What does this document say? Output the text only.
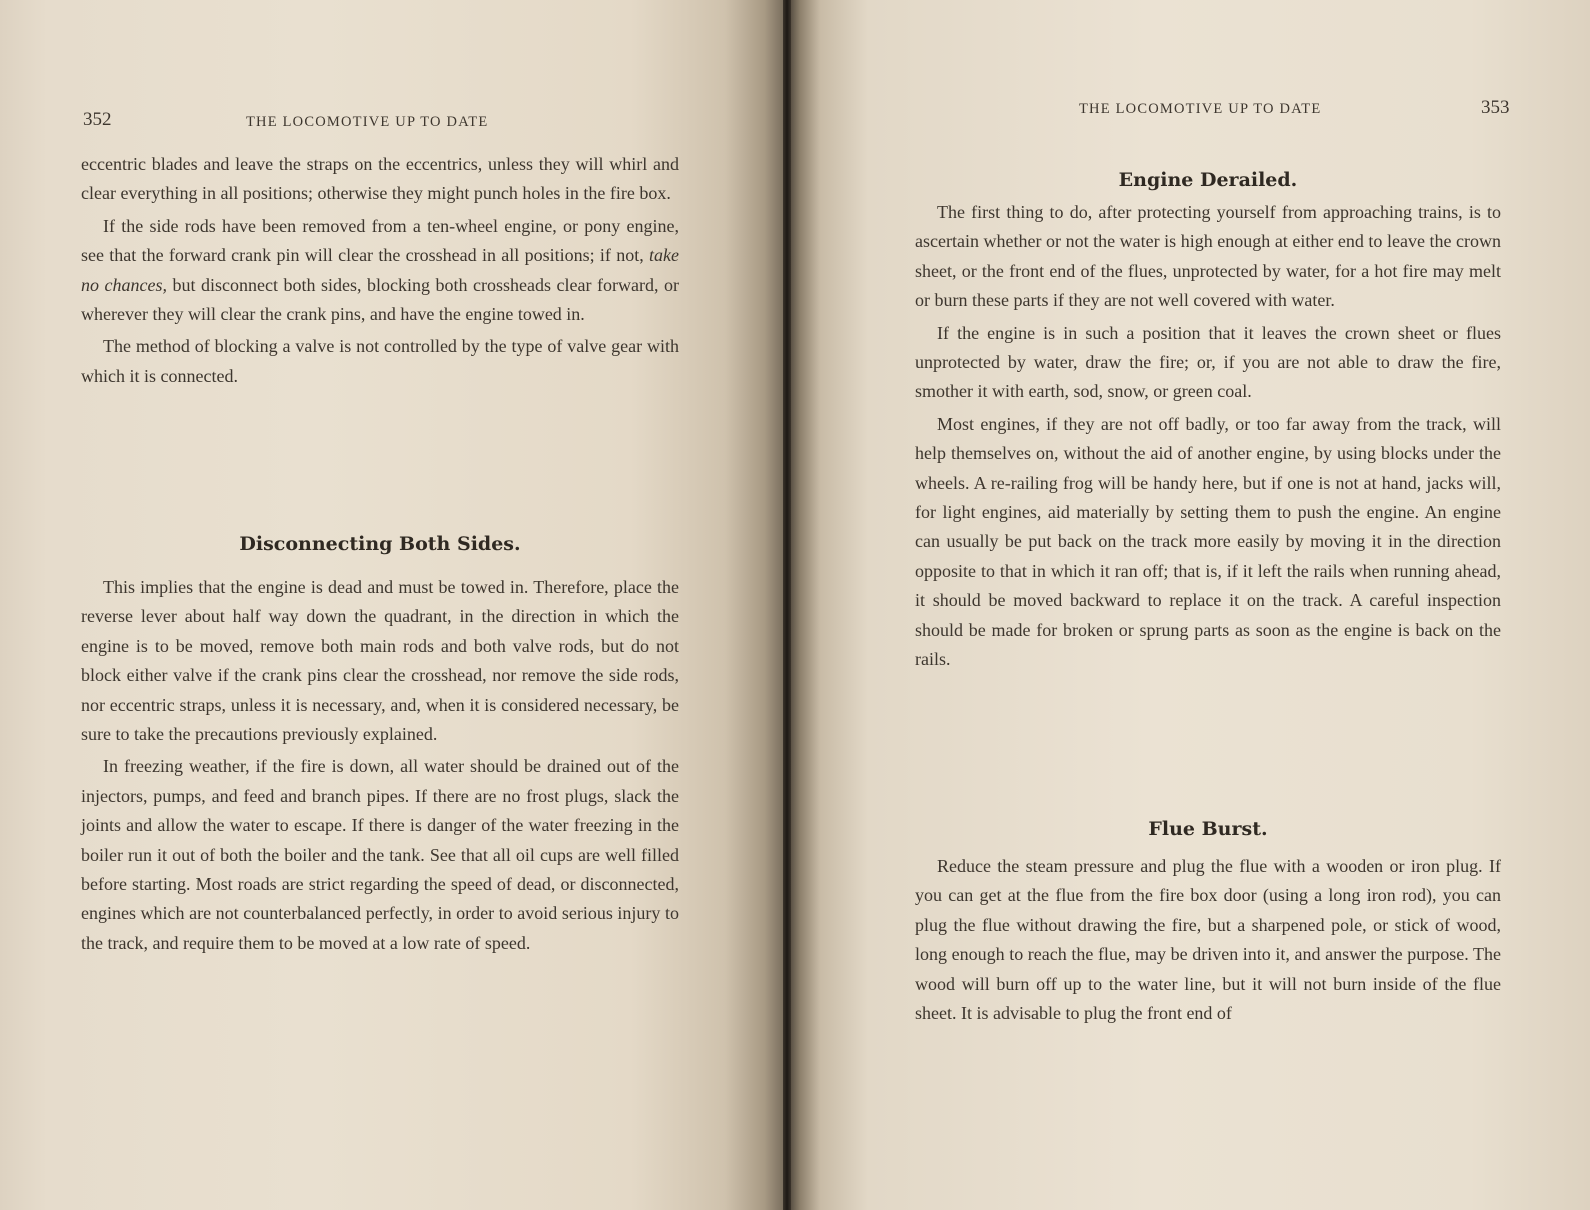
352	THE LOCOMOTIVE UP TO DATE

eccentric blades and leave the straps on the eccentrics, unless they will whirl and clear everything in all positions; otherwise they might punch holes in the fire box.

If the side rods have been removed from a ten-wheel engine, or pony engine, see that the forward crank pin will clear the crosshead in all positions; if not, take no chances, but disconnect both sides, blocking both crossheads clear forward, or wherever they will clear the crank pins, and have the engine towed in.

The method of blocking a valve is not controlled by the type of valve gear with which it is connected.

Disconnecting Both Sides.

This implies that the engine is dead and must be towed in. Therefore, place the reverse lever about half way down the quadrant, in the direction in which the engine is to be moved, remove both main rods and both valve rods, but do not block either valve if the crank pins clear the crosshead, nor remove the side rods, nor eccentric straps, unless it is necessary, and, when it is considered necessary, be sure to take the precautions previously explained.

In freezing weather, if the fire is down, all water should be drained out of the injectors, pumps, and feed and branch pipes. If there are no frost plugs, slack the joints and allow the water to escape. If there is danger of the water freezing in the boiler run it out of both the boiler and the tank. See that all oil cups are well filled before starting. Most roads are strict regarding the speed of dead, or disconnected, engines which are not counterbalanced perfectly, in order to avoid serious injury to the track, and require them to be moved at a low rate of speed.

THE LOCOMOTIVE UP TO DATE	353
Engine Derailed.

The first thing to do, after protecting yourself from approaching trains, is to ascertain whether or not the water is high enough at either end to leave the crown sheet, or the front end of the flues, unprotected by water, for a hot fire may melt or burn these parts if they are not well covered with water.

If the engine is in such a position that it leaves the crown sheet or flues unprotected by water, draw the fire; or, if you are not able to draw the fire, smother it with earth, sod, snow, or green coal.

Most engines, if they are not off badly, or too far away from the track, will help themselves on, without the aid of another engine, by using blocks under the wheels. A re-railing frog will be handy here, but if one is not at hand, jacks will, for light engines, aid materially by setting them to push the engine. An engine can usually be put back on the track more easily by moving it in the direction opposite to that in which it ran off; that is, if it left the rails when running ahead, it should be moved backward to replace it on the track. A careful inspection should be made for broken or sprung parts as soon as the engine is back on the rails.

Flue Burst.

Reduce the steam pressure and plug the flue with a wooden or iron plug. If you can get at the flue from the fire box door (using a long iron rod), you can plug the flue without drawing the fire, but a sharpened pole, or stick of wood, long enough to reach the flue, may be driven into it, and answer the purpose. The wood will burn off up to the water line, but it will not burn inside of the flue sheet. It is advisable to plug the front end of
